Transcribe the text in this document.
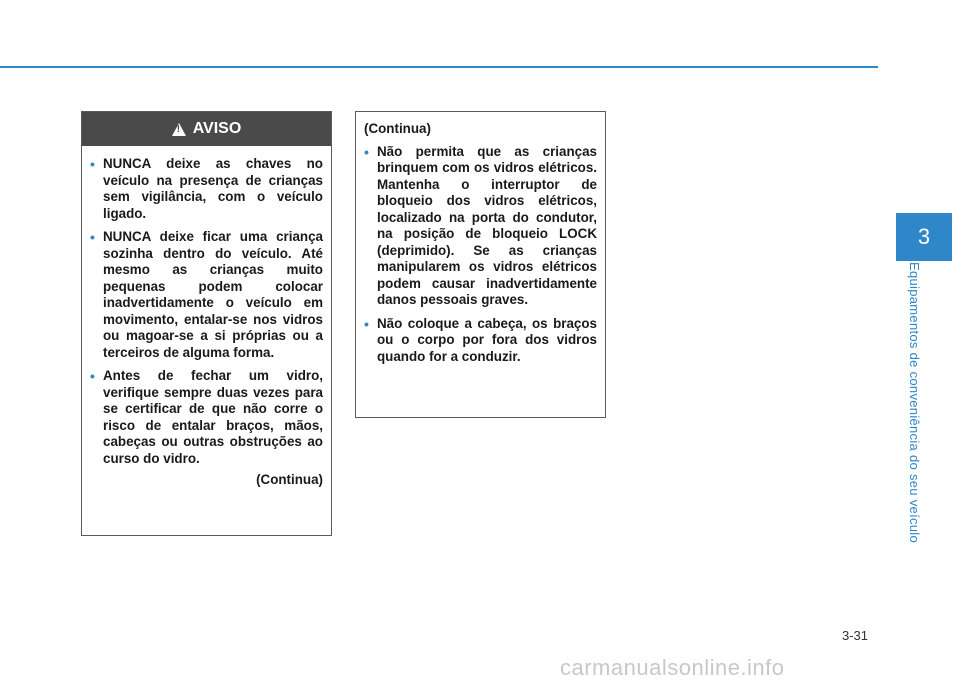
3
Equipamentos de conveniência do seu veículo
!
AVISO
• NUNCA deixe as chaves no veículo na presença de crianças sem vigilância, com o veículo ligado.
• NUNCA deixe ficar uma criança sozinha dentro do veículo. Até mesmo as crianças muito pequenas podem colocar inadvertidamente o veículo em movimento, entalar-se nos vidros ou magoar-se a si próprias ou a terceiros de alguma forma.
• Antes de fechar um vidro, verifique sempre duas vezes para se certificar de que não corre o risco de entalar braços, mãos, cabeças ou outras obstruções ao curso do vidro.
(Continua)
(Continua)
• Não permita que as crianças brinquem com os vidros elétricos. Mantenha o interruptor de bloqueio dos vidros elétricos, localizado na porta do condutor, na posição de bloqueio LOCK (deprimido). Se as crianças manipularem os vidros elétricos podem causar inadvertidamente danos pessoais graves.
• Não coloque a cabeça, os braços ou o corpo por fora dos vidros quando for a conduzir.
3-31
carmanualsonline.info
